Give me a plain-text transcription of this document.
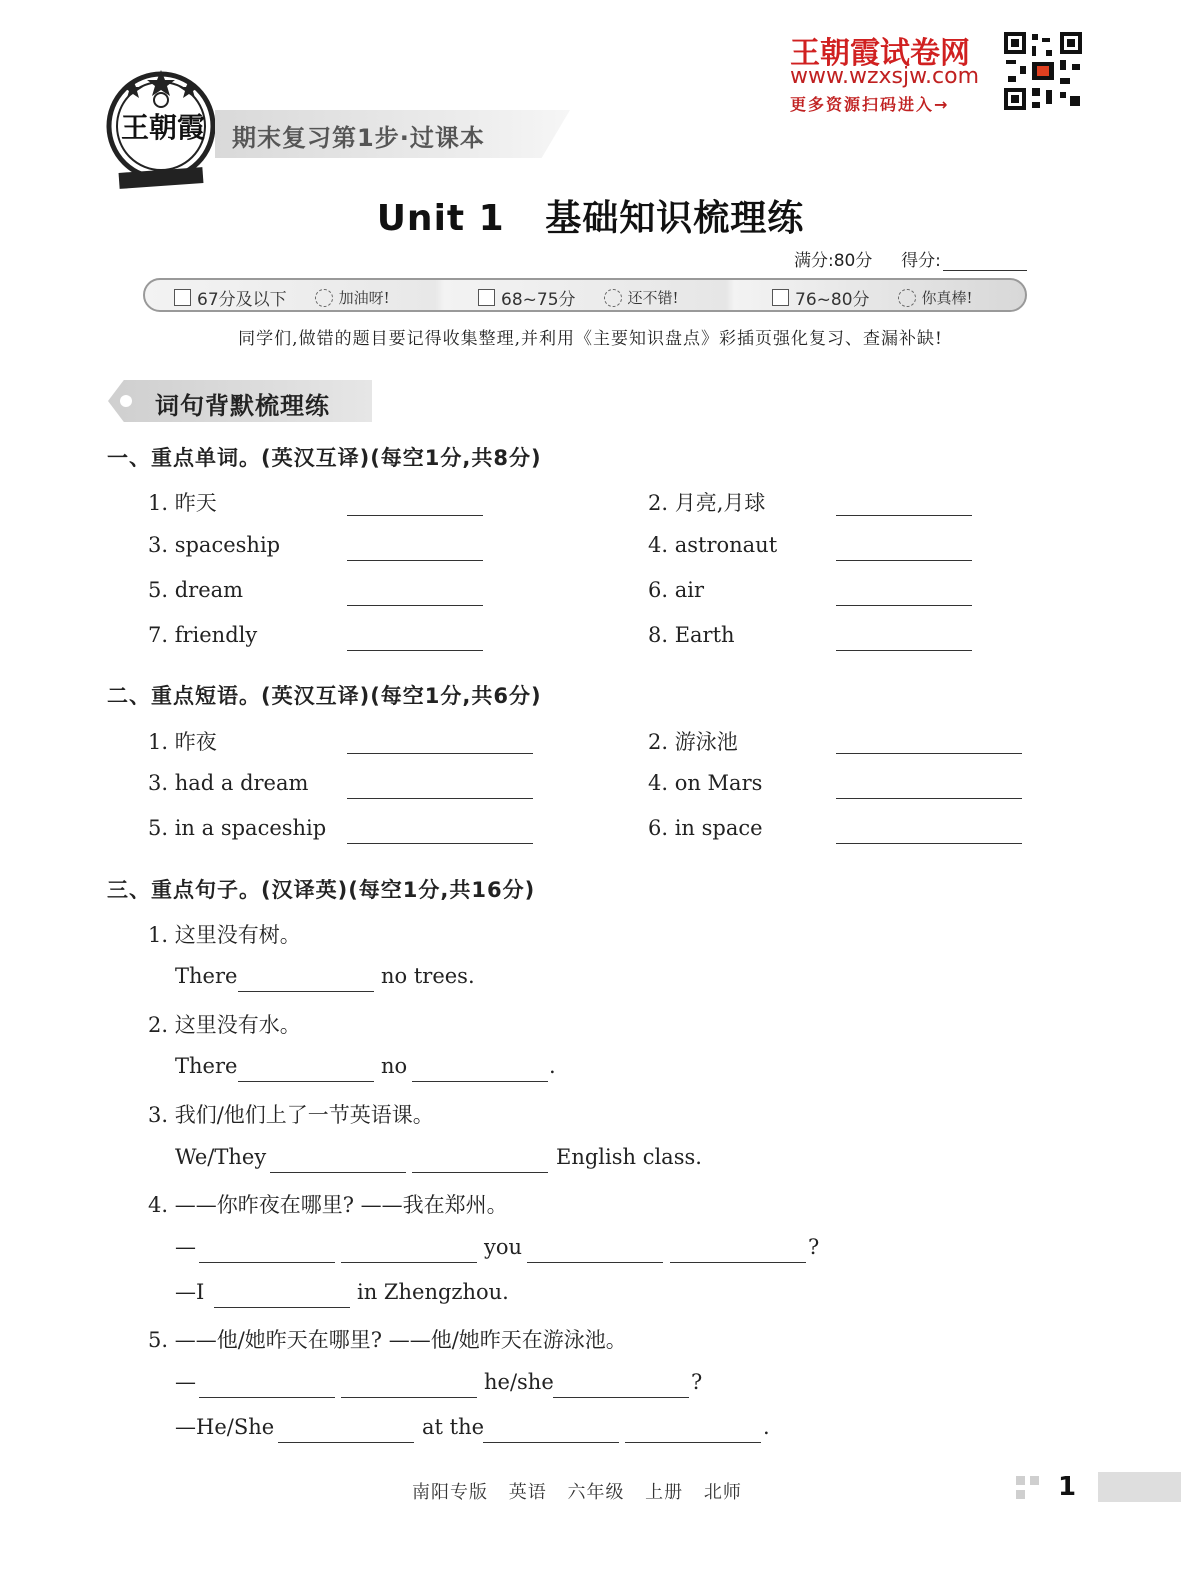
王朝霞 期末复习第1步·过课本
王朝霞试卷网
www.wzxsjw.com
更多资源扫码进入→
Unit 1   基础知识梳理练
满分:80分 得分:
67分及以下	加油呀!	68~75分	还不错!	76~80分	你真棒!
同学们,做错的题目要记得收集整理,并利用《主要知识盘点》彩插页强化复习、查漏补缺!
词句背默梳理练
一、重点单词。(英汉互译)(每空1分,共8分)
1. 昨天	2. 月亮,月球
3. spaceship	4. astronaut
5. dream	6. air
7. friendly	8. Earth
二、重点短语。(英汉互译)(每空1分,共6分)
1. 昨夜	2. 游泳池
3. had a dream	4. on Mars
5. in a spaceship	6. in space
三、重点句子。(汉译英)(每空1分,共16分)
1. 这里没有树。
There	no trees.
2. 这里没有水。
There	no	.
3. 我们/他们上了一节英语课。
We/They	English class.
4. ——你昨夜在哪里? ——我在郑州。
—	you	?
—I	in Zhengzhou.
5. ——他/她昨天在哪里? ——他/她昨天在游泳池。
—	he/she	?
—He/She	at the	.
南阳专版 英语 六年级 上册 北师	1
